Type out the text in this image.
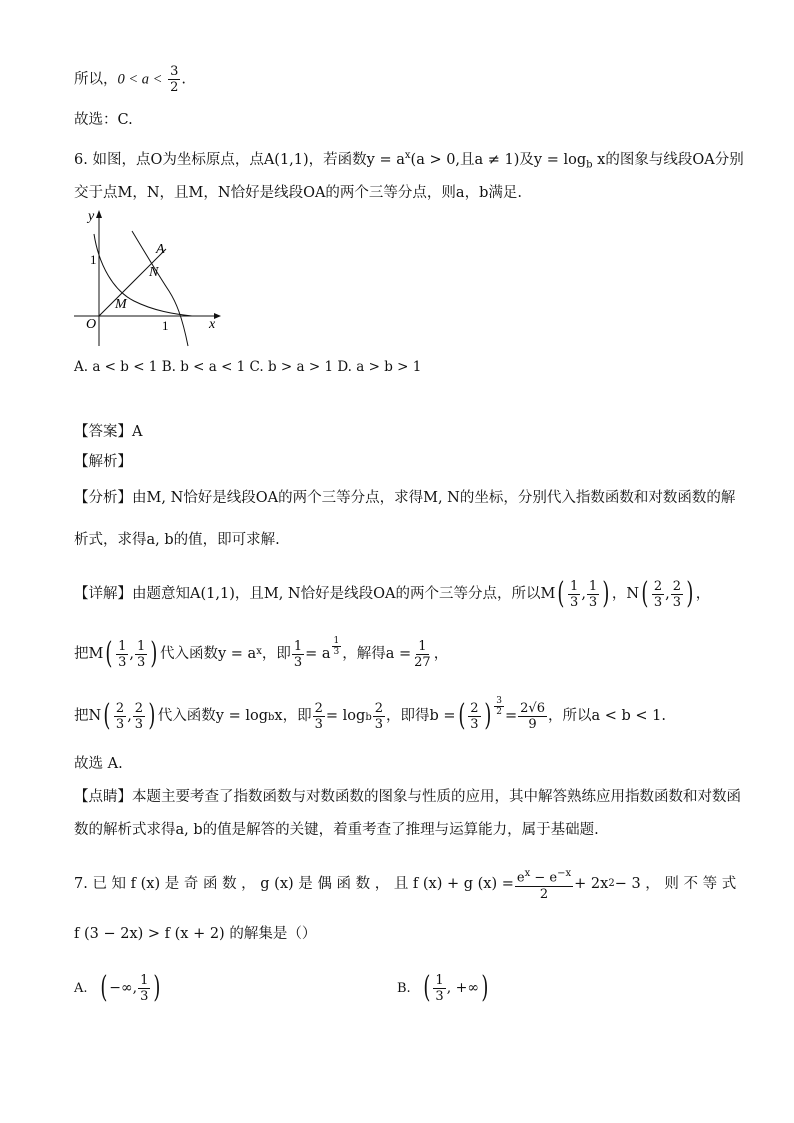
所以，$0 < a < \frac{3}{2}$ .
故选：C.
6. 如图，点O为坐标原点，点A(1,1)，若函数$y = a^x(a > 0$,且a ≠ 1)及$y = \log_b x$的图象与线段OA分别
交于点M，N，且M，N恰好是线段OA的两个三等分点，则a，b满足.
y
x
O
1
1
A
N
M
A. a < b < 1 B. b < a < 1 C. b > a > 1 D. a > b > 1
【答案】A
【解析】
【分析】由M, N恰好是线段OA的两个三等分点，求得M, N的坐标，分别代入指数函数和对数函数的解
析式，求得a, b的值，即可求解.
【详解】 由题意知A(1,1)，且M, N恰好是线段OA的两个三等分点，所以M ( $\frac{1}{3}$ , $\frac{1}{3}$ ) ，N ( $\frac{2}{3}$ , $\frac{2}{3}$ ) ，
把M ( $\frac{1}{3}$ , $\frac{1}{3}$ ) 代入函数y = a x ，即 $\frac{1}{3} = a \frac{1}{3}$ ，解得$a = \frac{1}{27}$ ，
把N ( $\frac{2}{3}$ , $\frac{2}{3}$ ) 代入函数y = log b x，即 $\frac{2}{3} = \log b \frac{2}{3}$ ，即得b = ( $\frac{2}{3}$ ) $\frac{3}{2} = \frac{2√6}{9}$ ，所以a < b < 1.
故选 A.
【点睛】本题主要考查了指数函数与对数函数的图象与性质的应用，其中解答熟练应用指数函数和对数函
数的解析式求得a, b的值是解答的关键，着重考查了推理与运算能力，属于基础题.
7. 已 知 f (x) 是 奇 函 数 ， g (x) 是 偶 函 数 ， 且 f (x) + g $(x) = \frac{e^x - e^{-x}}{2} + 2x$ 2 − 3 ， 则 不 等 式
f (3 − 2x) > f (x + 2) 的解集是（）
A. ( −∞, $\frac{1}{3}$ )	B. ( $\frac{1}{3}$ , +∞ )
